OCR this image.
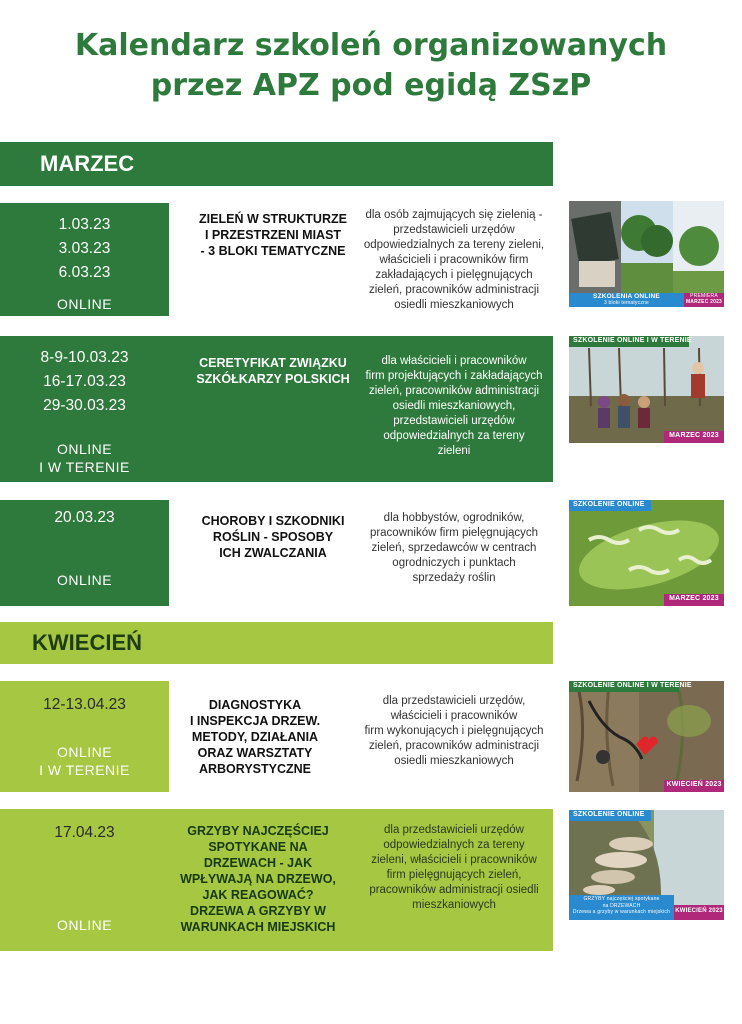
Kalendarz szkoleń organizowanych
przez APZ pod egidą ZSzP
MARZEC
1.03.23
3.03.23
6.03.23
ONLINE
ZIELEŃ W STRUKTURZE
I PRZESTRZENI MIAST
- 3 BLOKI TEMATYCZNE
dla osób zajmujących się zielenią -
przedstawicieli urzędów
odpowiedzialnych za tereny zieleni,
właścicieli i pracowników firm
zakładających i pielęgnujących
zieleń, pracowników administracji
osiedli mieszkaniowych
SZKOLENIA ONLINE
3 bloki tematyczne
PREMIERA
MARZEC 2023
8-9-10.03.23
16-17.03.23
29-30.03.23
ONLINE
I W TERENIE
CERETYFIKAT ZWIĄZKU
SZKÓŁKARZY POLSKICH
dla właścicieli i pracowników
firm projektujących i zakładających
zieleń, pracowników administracji
osiedli mieszkaniowych,
przedstawicieli urzędów
odpowiedzialnych za tereny
zieleni
SZKOLENIE ONLINE I W TERENIE
MARZEC 2023
20.03.23
ONLINE
CHOROBY I SZKODNIKI
ROŚLIN - SPOSOBY
ICH ZWALCZANIA
dla hobbystów, ogrodników,
pracowników firm pielęgnujących
zieleń, sprzedawców w centrach
ogrodniczych i punktach
sprzedaży roślin
SZKOLENIE ONLINE
MARZEC 2023
KWIECIEŃ
12-13.04.23
ONLINE
I W TERENIE
DIAGNOSTYKA
I INSPEKCJA DRZEW.
METODY, DZIAŁANIA
ORAZ WARSZTATY
ARBORYSTYCZNE
dla przedstawicieli urzędów,
właścicieli i pracowników
firm wykonujących i pielęgnujących
zieleń, pracowników administracji
osiedli mieszkaniowych
SZKOLENIE ONLINE I W TERENIE
KWIECIEŃ 2023
17.04.23
ONLINE
GRZYBY NAJCZĘŚCIEJ
SPOTYKANE NA
DRZEWACH - JAK
WPŁYWAJĄ NA DRZEWO,
JAK REAGOWAĆ?
DRZEWA A GRZYBY W
WARUNKACH MIEJSKICH
dla przedstawicieli urzędów
odpowiedzialnych za tereny
zieleni, właścicieli i pracowników
firm pielęgnujących zieleń,
pracowników administracji osiedli
mieszkaniowych
SZKOLENIE ONLINE
GRZYBY najczęściej spotykane
na DRZEWACH
Drzewa a grzyby w warunkach miejskich KWIECIEŃ 2023
